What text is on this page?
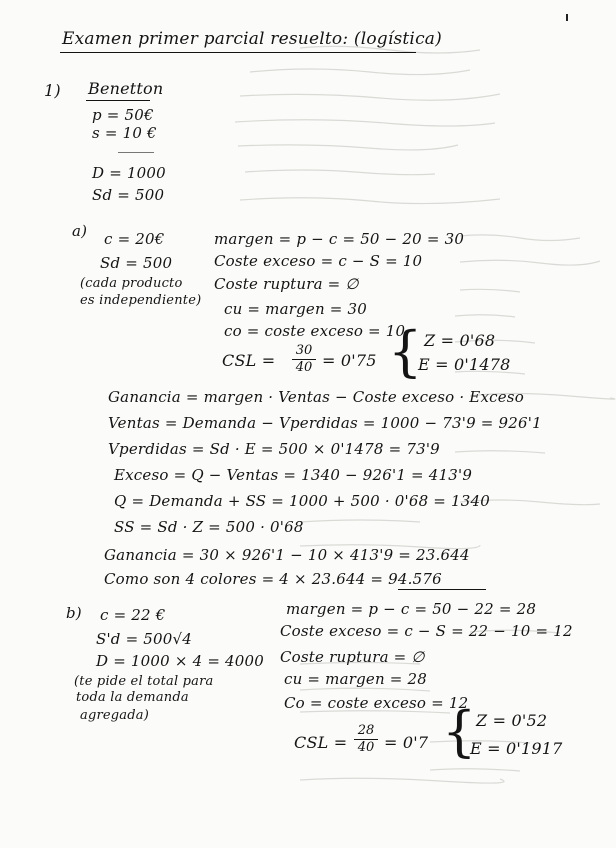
Examen primer parcial resuelto: (logística)
1) Benetton
p = 50€
s = 10 €
D = 1000
Sd = 500
a) c = 20€
Sd = 500
(cada producto
es independiente)
margen = p − c = 50 − 20 = 30
Coste exceso = c − S = 10
Coste ruptura = ∅
cu = margen = 30
co = coste exceso = 10
CSL =
30
40 = 0'75 { Z = 0'68
E = 0'1478
Ganancia = margen · Ventas − Coste exceso · Exceso
Ventas = Demanda − Vperdidas = 1000 − 73'9 = 926'1
Vperdidas = Sd · E = 500 × 0'1478 = 73'9
Exceso = Q − Ventas = 1340 − 926'1 = 413'9
Q = Demanda + SS = 1000 + 500 · 0'68 = 1340
SS = Sd · Z = 500 · 0'68
Ganancia = 30 × 926'1 − 10 × 413'9 = 23.644
Como son 4 colores = 4 × 23.644 = 94.576
b) c = 22 €
S'd = 500√4
D = 1000 × 4 = 4000
(te pide el total para
toda la demanda
agregada)
margen = p − c = 50 − 22 = 28
Coste exceso = c − S = 22 − 10 = 12
Coste ruptura = ∅
cu = margen = 28
Co = coste exceso = 12
CSL =
28
40 = 0'7 { Z = 0'52
E = 0'1917
